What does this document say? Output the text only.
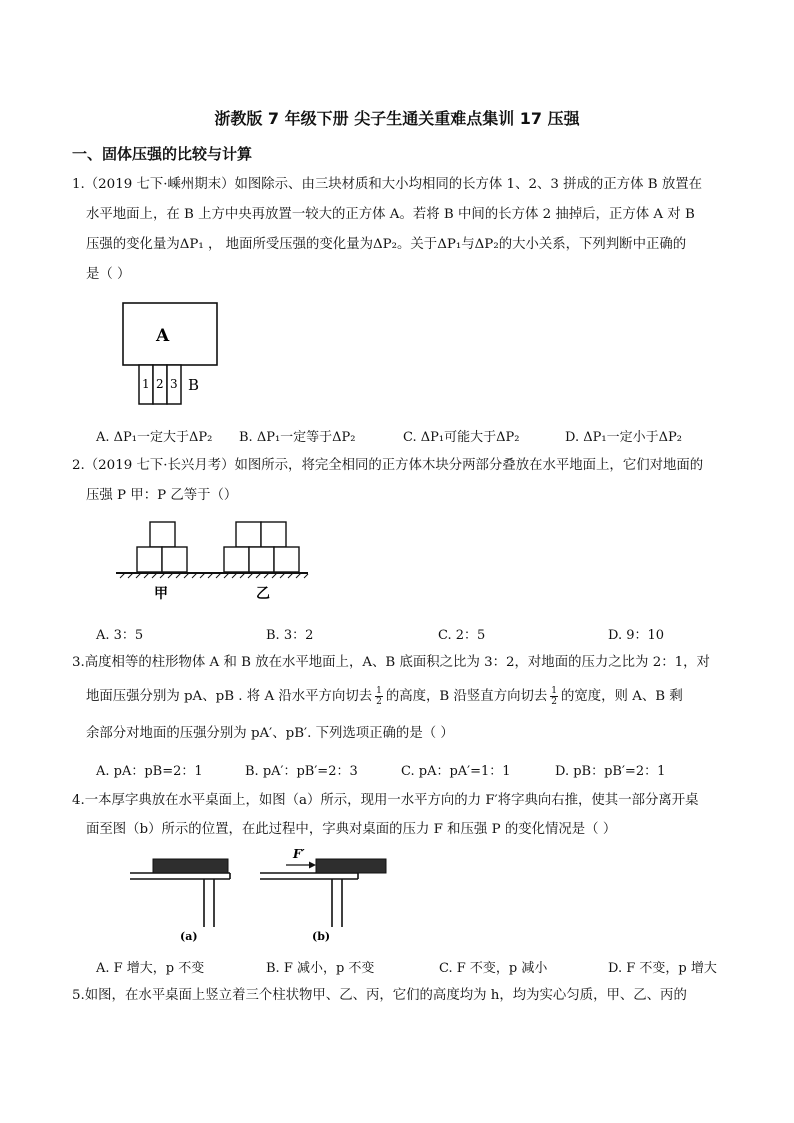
浙教版 7 年级下册 尖子生通关重难点集训 17 压强
一、固体压强的比较与计算
1.（2019 七下·嵊州期末）如图除示、由三块材质和大小均相同的长方体 1、2、3 拼成的正方体 B 放置在
水平地面上，在 B 上方中央再放置一较大的正方体 A。若将 B 中间的长方体 2 抽掉后，正方体 A 对 B
压强的变化量为ΔP₁ ， 地面所受压强的变化量为ΔP₂。关于ΔP₁与ΔP₂的大小关系，下列判断中正确的
是（ ）
A
1 2 3 B
A. ΔP₁一定大于ΔP₂ B. ΔP₁一定等于ΔP₂	C. ΔP₁可能大于ΔP₂	D. ΔP₁一定小于ΔP₂
2.（2019 七下·长兴月考）如图所示，将完全相同的正方体木块分两部分叠放在水平地面上，它们对地面的
压强 P 甲：P 乙等于（）
甲	乙
A. 3：5	B. 3：2	C. 2：5	D. 9：10
3.高度相等的柱形物体 A 和 B 放在水平地面上，A、B 底面积之比为 3：2，对地面的压力之比为 2：1，对
地面压强分别为 pA、pB . 将 A 沿水平方向切去 $\frac{1}{2}$ 的高度，B 沿竖直方向切去 $\frac{1}{2}$ 的宽度，则 A、B 剩
余部分对地面的压强分别为 pA′、pB′. 下列选项正确的是（ ）
A. pA：pB=2：1	B. pA′：pB′=2：3	C. pA：pA′=1：1	D. pB：pB′=2：1
4.一本厚字典放在水平桌面上，如图（a）所示，现用一水平方向的力 F′将字典向右推，使其一部分离开桌
面至图（b）所示的位置，在此过程中，字典对桌面的压力 F 和压强 P 的变化情况是（ ）
(a)
F′
(b)
A. F 增大，p 不变	B. F 减小，p 不变	C. F 不变，p 减小	D. F 不变，p 增大
5.如图，在水平桌面上竖立着三个柱状物甲、乙、丙，它们的高度均为 h，均为实心匀质，甲、乙、丙的
